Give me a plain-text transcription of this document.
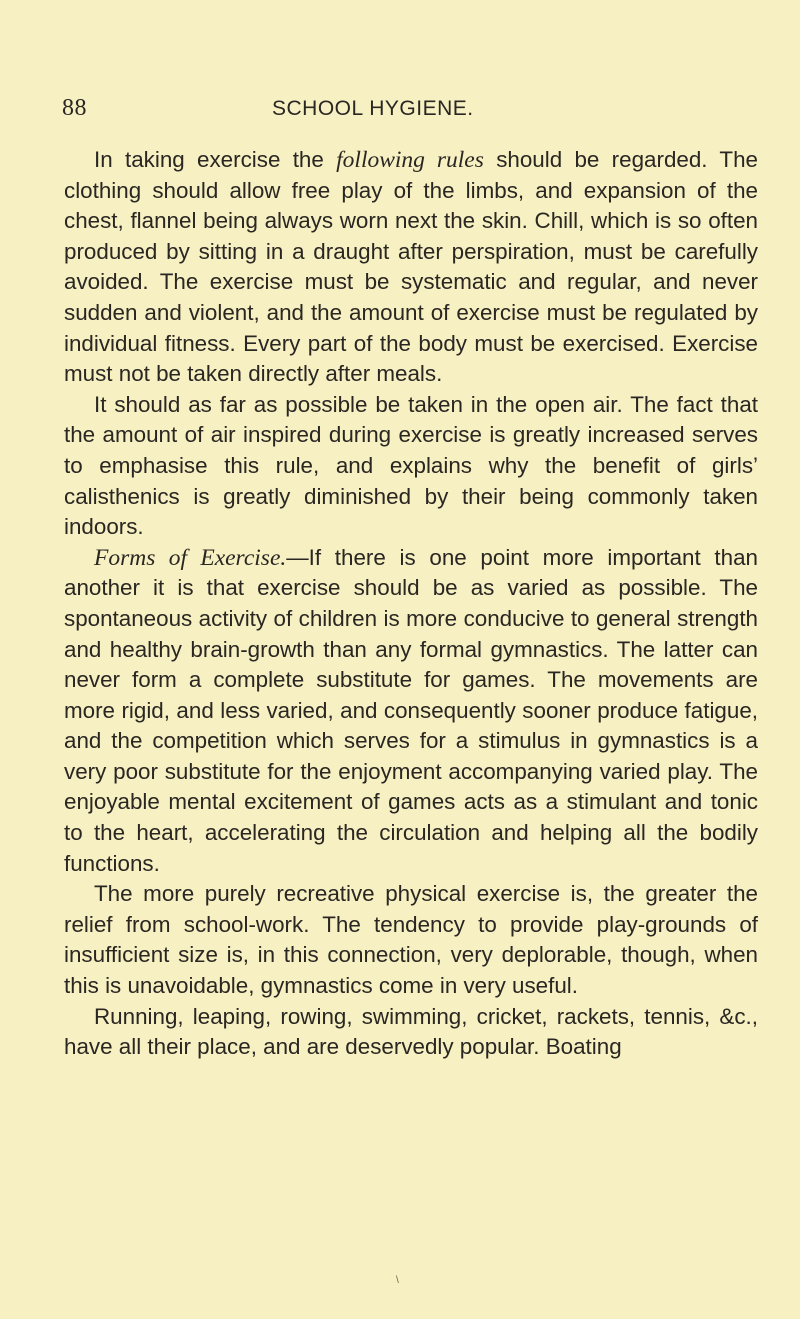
88	SCHOOL HYGIENE.

In taking exercise the following rules should be regarded. The clothing should allow free play of the limbs, and expansion of the chest, flannel being always worn next the skin. Chill, which is so often produced by sitting in a draught after perspiration, must be carefully avoided. The exercise must be systematic and regular, and never sudden and violent, and the amount of exercise must be regulated by individual fitness. Every part of the body must be exercised. Exercise must not be taken directly after meals.

It should as far as possible be taken in the open air. The fact that the amount of air inspired during exercise is greatly increased serves to emphasise this rule, and explains why the benefit of girls’ calisthenics is greatly diminished by their being commonly taken indoors.

Forms of Exercise.—If there is one point more important than another it is that exercise should be as varied as possible. The spontaneous activity of children is more conducive to general strength and healthy brain-growth than any formal gymnastics. The latter can never form a complete substitute for games. The movements are more rigid, and less varied, and consequently sooner produce fatigue, and the competition which serves for a stimulus in gymnastics is a very poor substitute for the enjoyment accompanying varied play. The enjoyable mental excitement of games acts as a stimulant and tonic to the heart, accelerating the circulation and helping all the bodily functions.

The more purely recreative physical exercise is, the greater the relief from school-work. The tendency to provide play-grounds of insufficient size is, in this connection, very deplorable, though, when this is unavoidable, gymnastics come in very useful.

Running, leaping, rowing, swimming, cricket, rackets, tennis, &c., have all their place, and are deservedly popular. Boating

\
